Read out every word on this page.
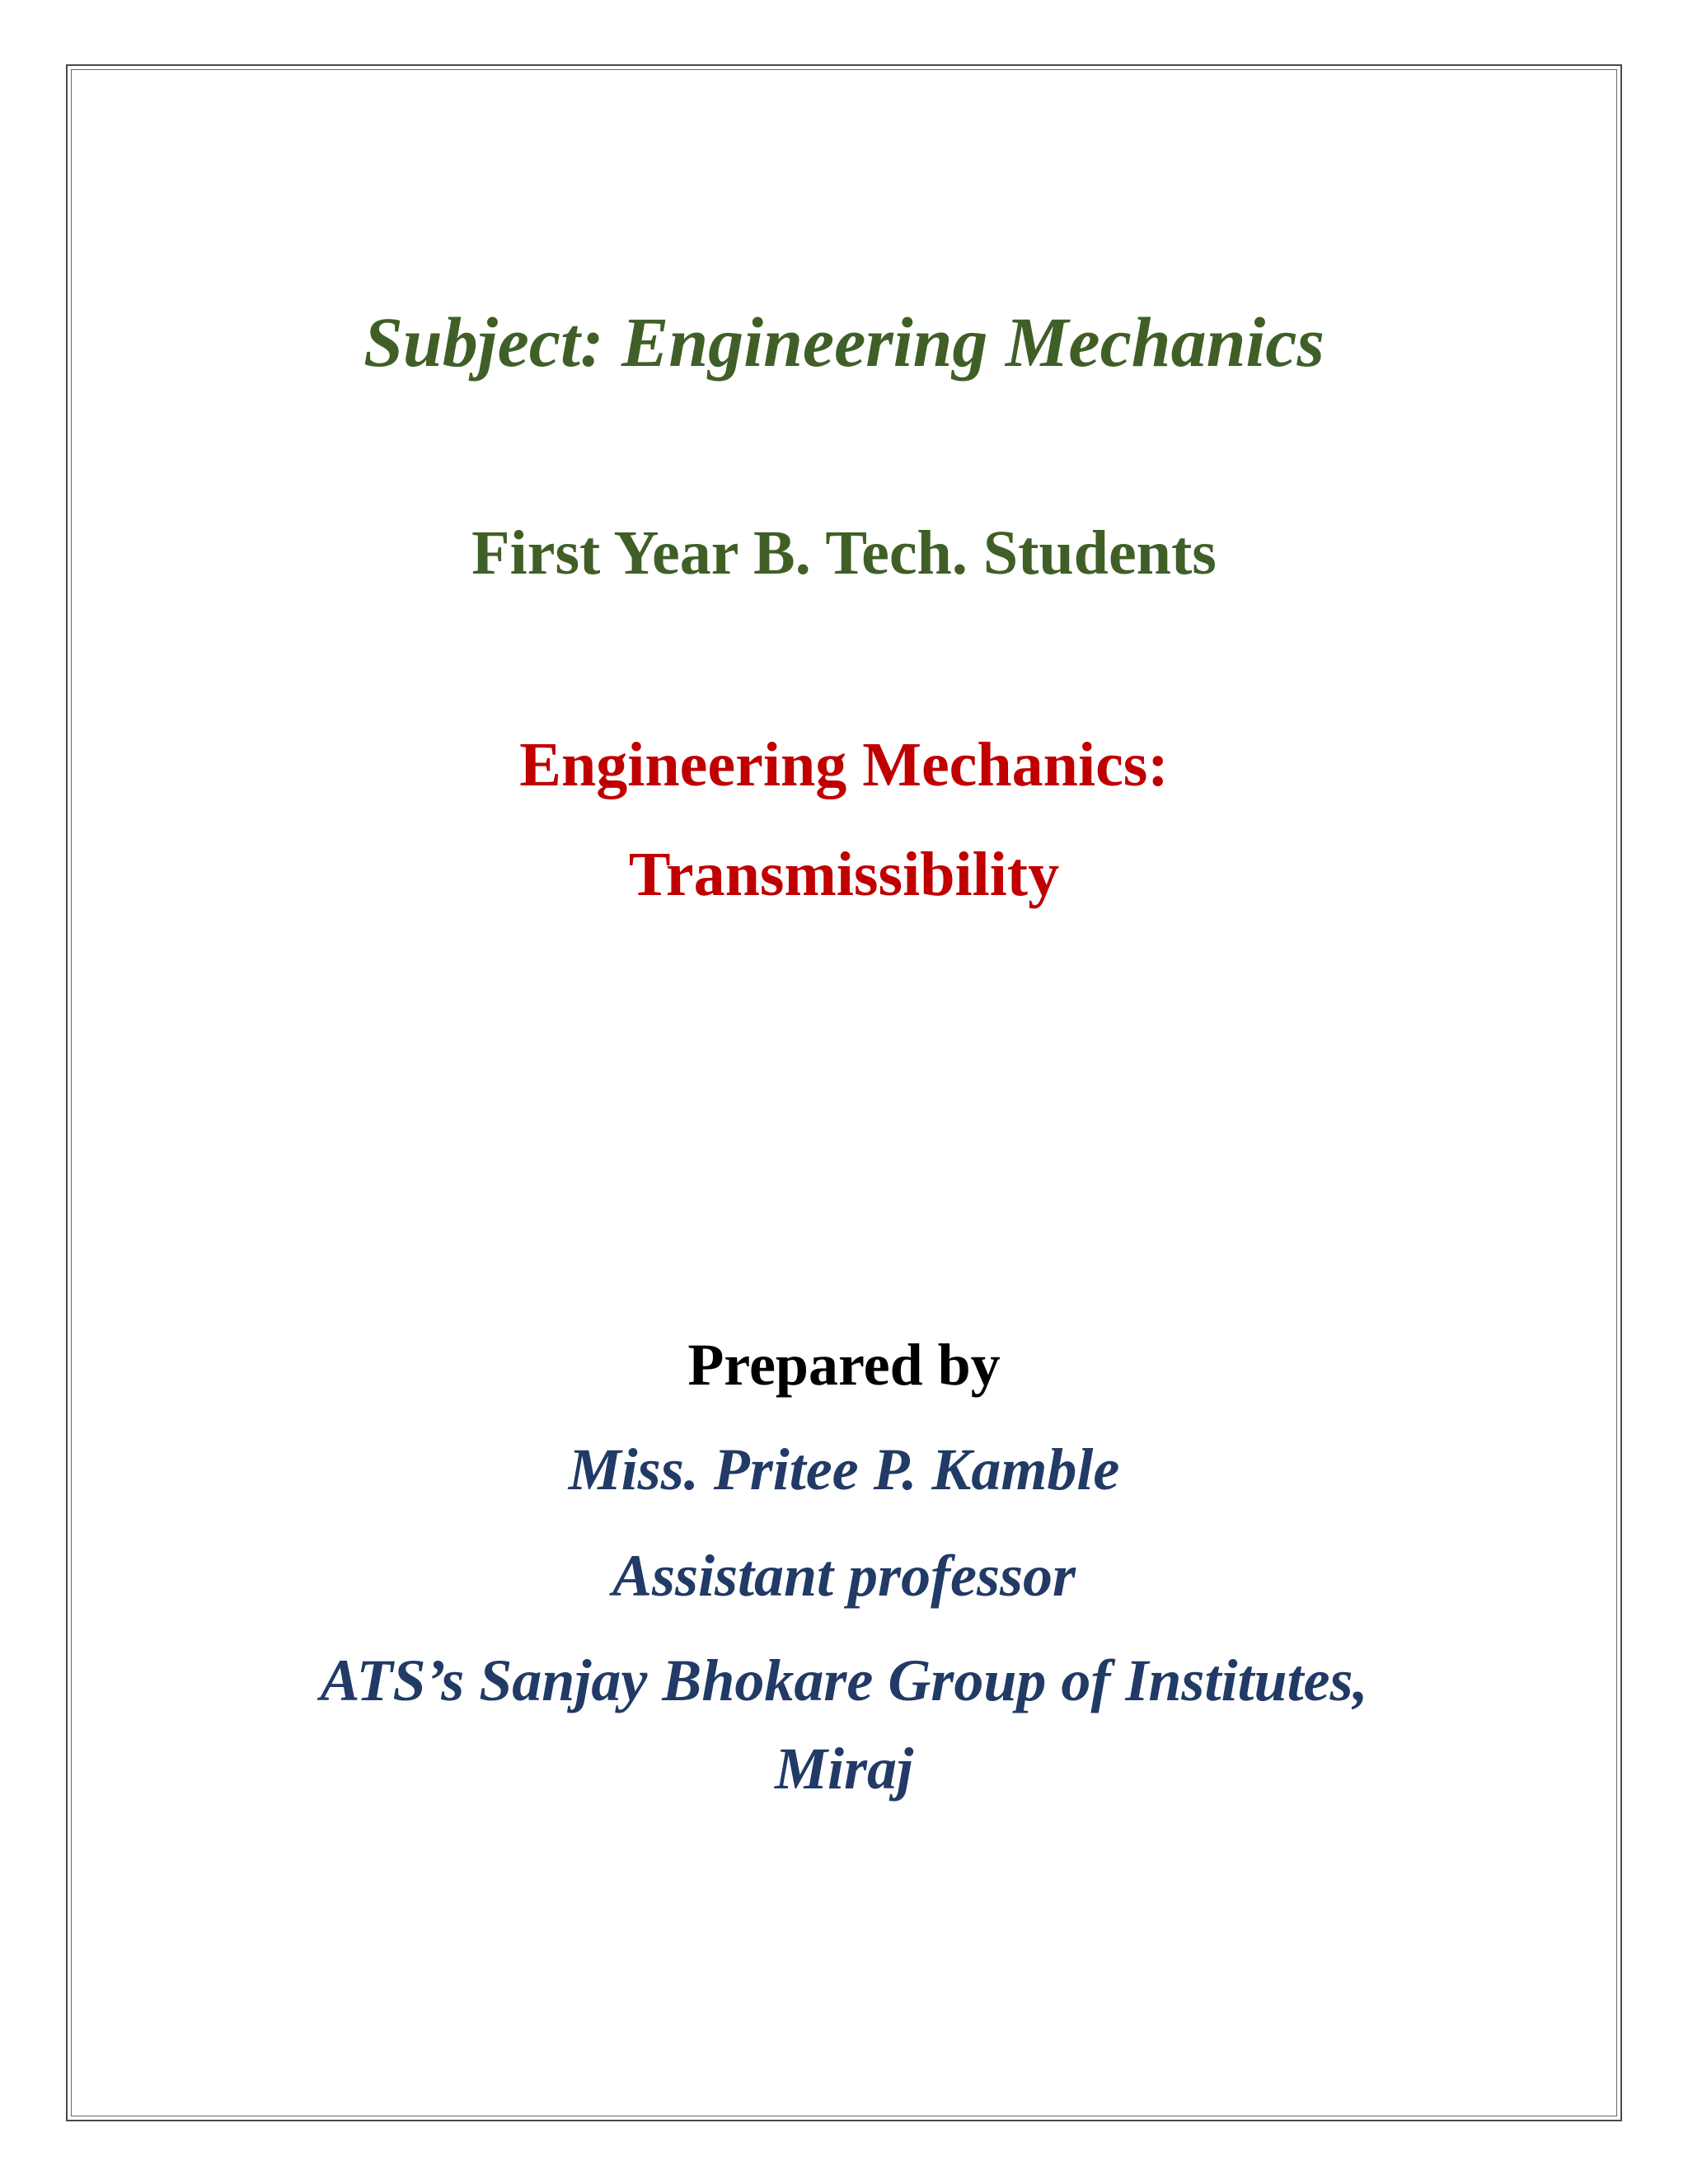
Subject: Engineering Mechanics
First Year B. Tech. Students
Engineering Mechanics:
Transmissibility
Prepared by
Miss. Pritee P. Kamble
Assistant professor
ATS’s Sanjay Bhokare Group of Institutes,
Miraj
